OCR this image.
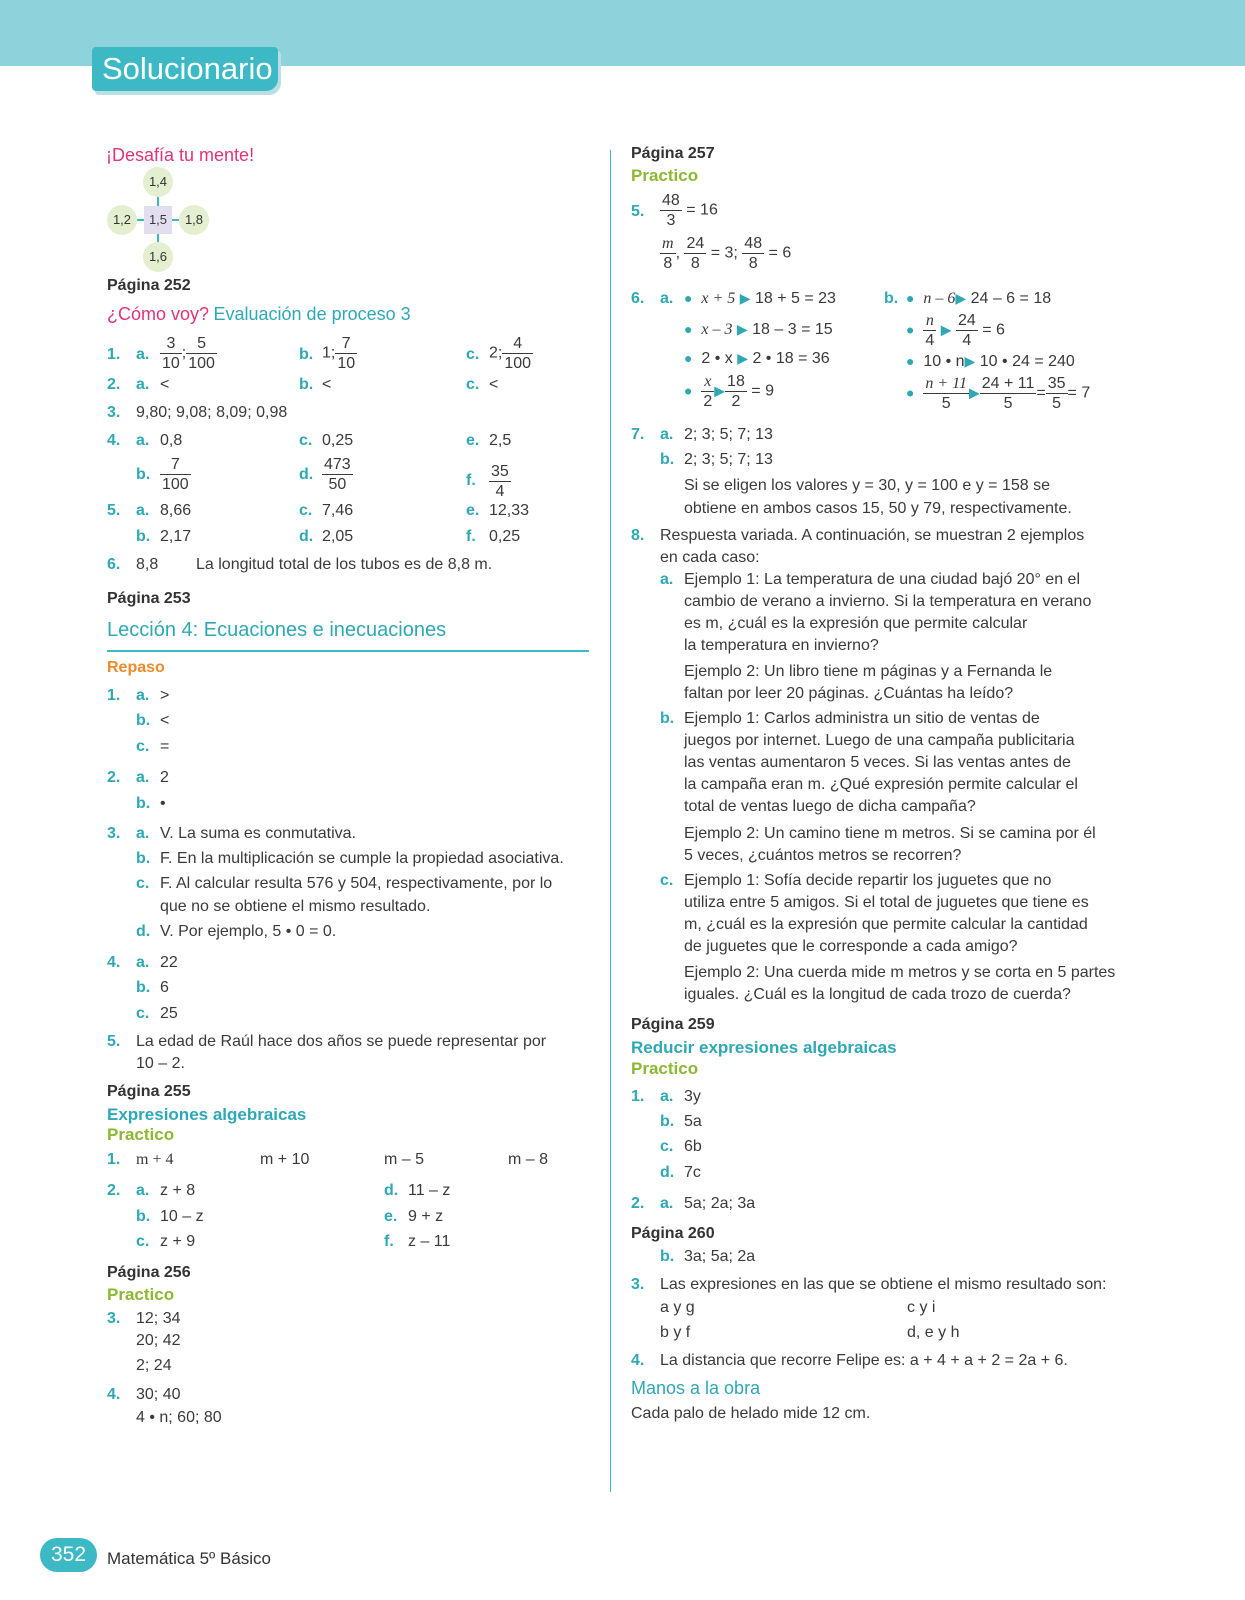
Solucionario
¡Desafía tu mente!
1,4
1,2	1,5	1,8
1,6
Página 252
¿Cómo voy? Evaluación de proceso 3
1. a. $\frac{3}{10}$ ; $\frac{5}{100}$	b. 1; $\frac{7}{10}$	c. 2; $\frac{4}{100}$
2. a. <	b. <	c. <
3. 9,80; 9,08; 8,09; 0,98
4. a. 0,8	c. 0,25	e. 2,5
b. $\frac{7}{100}$	d. $\frac{473}{50}$	f. $\frac{35}{4}$
5. a. 8,66	c. 7,46	e. 12,33
b. 2,17	d. 2,05	f. 0,25
6. 8,8 La longitud total de los tubos es de 8,8 m.
Página 253
Lección 4: Ecuaciones e inecuaciones
Repaso
1. a. >
b. <
c. =
2. a. 2
b. •
3. a. V. La suma es conmutativa.
b. F. En la multiplicación se cumple la propiedad asociativa.
c. F. Al calcular resulta 576 y 504, respectivamente, por lo
que no se obtiene el mismo resultado.
d. V. Por ejemplo, 5 • 0 = 0.
4. a. 22
b. 6
c. 25
5. La edad de Raúl hace dos años se puede representar por
10 – 2.
Página 255
Expresiones algebraicas
Practico
1. m + 4	m + 10	m – 5	m – 8
2. a. z + 8	d. 11 – z
b. 10 – z	e. 9 + z
c. z + 9	f. z – 11
Página 256
Practico
3. 12; 34
20; 42
2; 24
4. 30; 40
4 • n; 60; 80
Página 257
Practico
5. $\frac{48}{3} = 16$
$\frac{m}{8}$ , $\frac{24}{8} = 3$; $\frac{48}{8} = 6$
6. a. ● x + 5 ▶ 18 + 5 = 23
● x – 3 ▶ 18 – 3 = 15
● 2 • x ▶ 2 • 18 = 36
● $\frac{x}{2}$ ▶ $\frac{18}{2} = 9$
b. ● n – 6▶ 24 – 6 = 18
● $\frac{n}{4}$ ▶ $\frac{24}{4} = 6$
● 10 • n▶ 10 • 24 = 240
● $\frac{n + 11}{5}$ ▶ $\frac{24 + 11}{5} = \frac{35}{5} = 7$
7. a. 2; 3; 5; 7; 13
b. 2; 3; 5; 7; 13
Si se eligen los valores y = 30, y = 100 e y = 158 se
obtiene en ambos casos 15, 50 y 79, respectivamente.
8. Respuesta variada. A continuación, se muestran 2 ejemplos
en cada caso:
a. Ejemplo 1: La temperatura de una ciudad bajó 20° en el
cambio de verano a invierno. Si la temperatura en verano
es m, ¿cuál es la expresión que permite calcular
la temperatura en invierno?
Ejemplo 2: Un libro tiene m páginas y a Fernanda le
faltan por leer 20 páginas. ¿Cuántas ha leído?
b. Ejemplo 1: Carlos administra un sitio de ventas de
juegos por internet. Luego de una campaña publicitaria
las ventas aumentaron 5 veces. Si las ventas antes de
la campaña eran m. ¿Qué expresión permite calcular el
total de ventas luego de dicha campaña?
Ejemplo 2: Un camino tiene m metros. Si se camina por él
5 veces, ¿cuántos metros se recorren?
c. Ejemplo 1: Sofía decide repartir los juguetes que no
utiliza entre 5 amigos. Si el total de juguetes que tiene es
m, ¿cuál es la expresión que permite calcular la cantidad
de juguetes que le corresponde a cada amigo?
Ejemplo 2: Una cuerda mide m metros y se corta en 5 partes
iguales. ¿Cuál es la longitud de cada trozo de cuerda?
Página 259
Reducir expresiones algebraicas
Practico
1. a. 3y
b. 5a
c. 6b
d. 7c
2. a. 5a; 2a; 3a
Página 260
b. 3a; 5a; 2a
3. Las expresiones en las que se obtiene el mismo resultado son:
a y g	c y i
b y f	d, e y h
4. La distancia que recorre Felipe es: a + 4 + a + 2 = 2a + 6.
Manos a la obra
Cada palo de helado mide 12 cm.
352	Matemática 5º Básico
